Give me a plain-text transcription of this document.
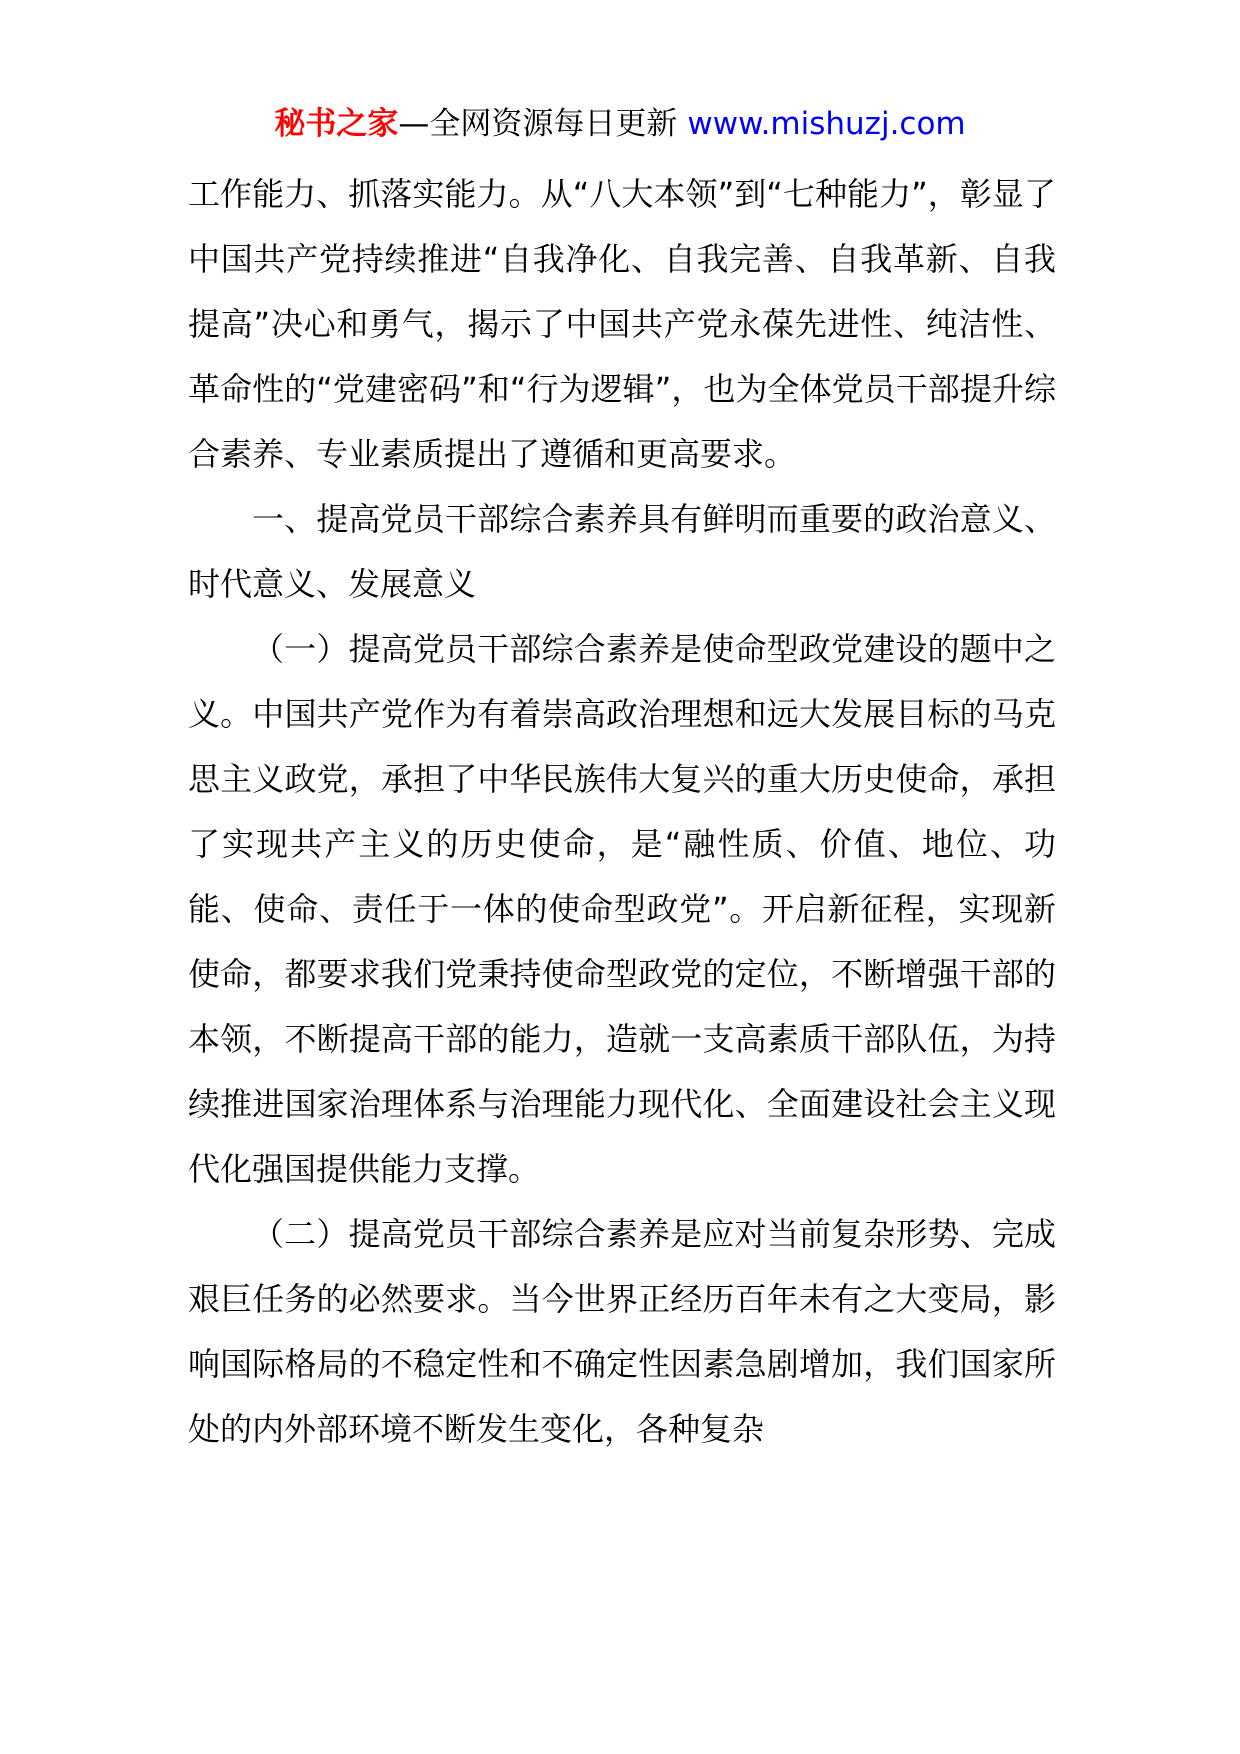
秘书之家—全网资源每日更新 www.mishuzj.com

工作能力、抓落实能力。从“八大本领”到“七种能力”，彰显了中国共产党持续推进“自我净化、自我完善、自我革新、自我提高”决心和勇气，揭示了中国共产党永葆先进性、纯洁性、革命性的“党建密码”和“行为逻辑”，也为全体党员干部提升综合素养、专业素质提出了遵循和更高要求。

一、提高党员干部综合素养具有鲜明而重要的政治意义、时代意义、发展意义

（一）提高党员干部综合素养是使命型政党建设的题中之义。中国共产党作为有着崇高政治理想和远大发展目标的马克思主义政党，承担了中华民族伟大复兴的重大历史使命，承担了实现共产主义的历史使命，是“融性质、价值、地位、功能、使命、责任于一体的使命型政党”。开启新征程，实现新使命，都要求我们党秉持使命型政党的定位，不断增强干部的本领，不断提高干部的能力，造就一支高素质干部队伍，为持续推进国家治理体系与治理能力现代化、全面建设社会主义现代化强国提供能力支撑。

（二）提高党员干部综合素养是应对当前复杂形势、完成艰巨任务的必然要求。当今世界正经历百年未有之大变局，影响国际格局的不稳定性和不确定性因素急剧增加，我们国家所处的内外部环境不断发生变化，各种复杂
